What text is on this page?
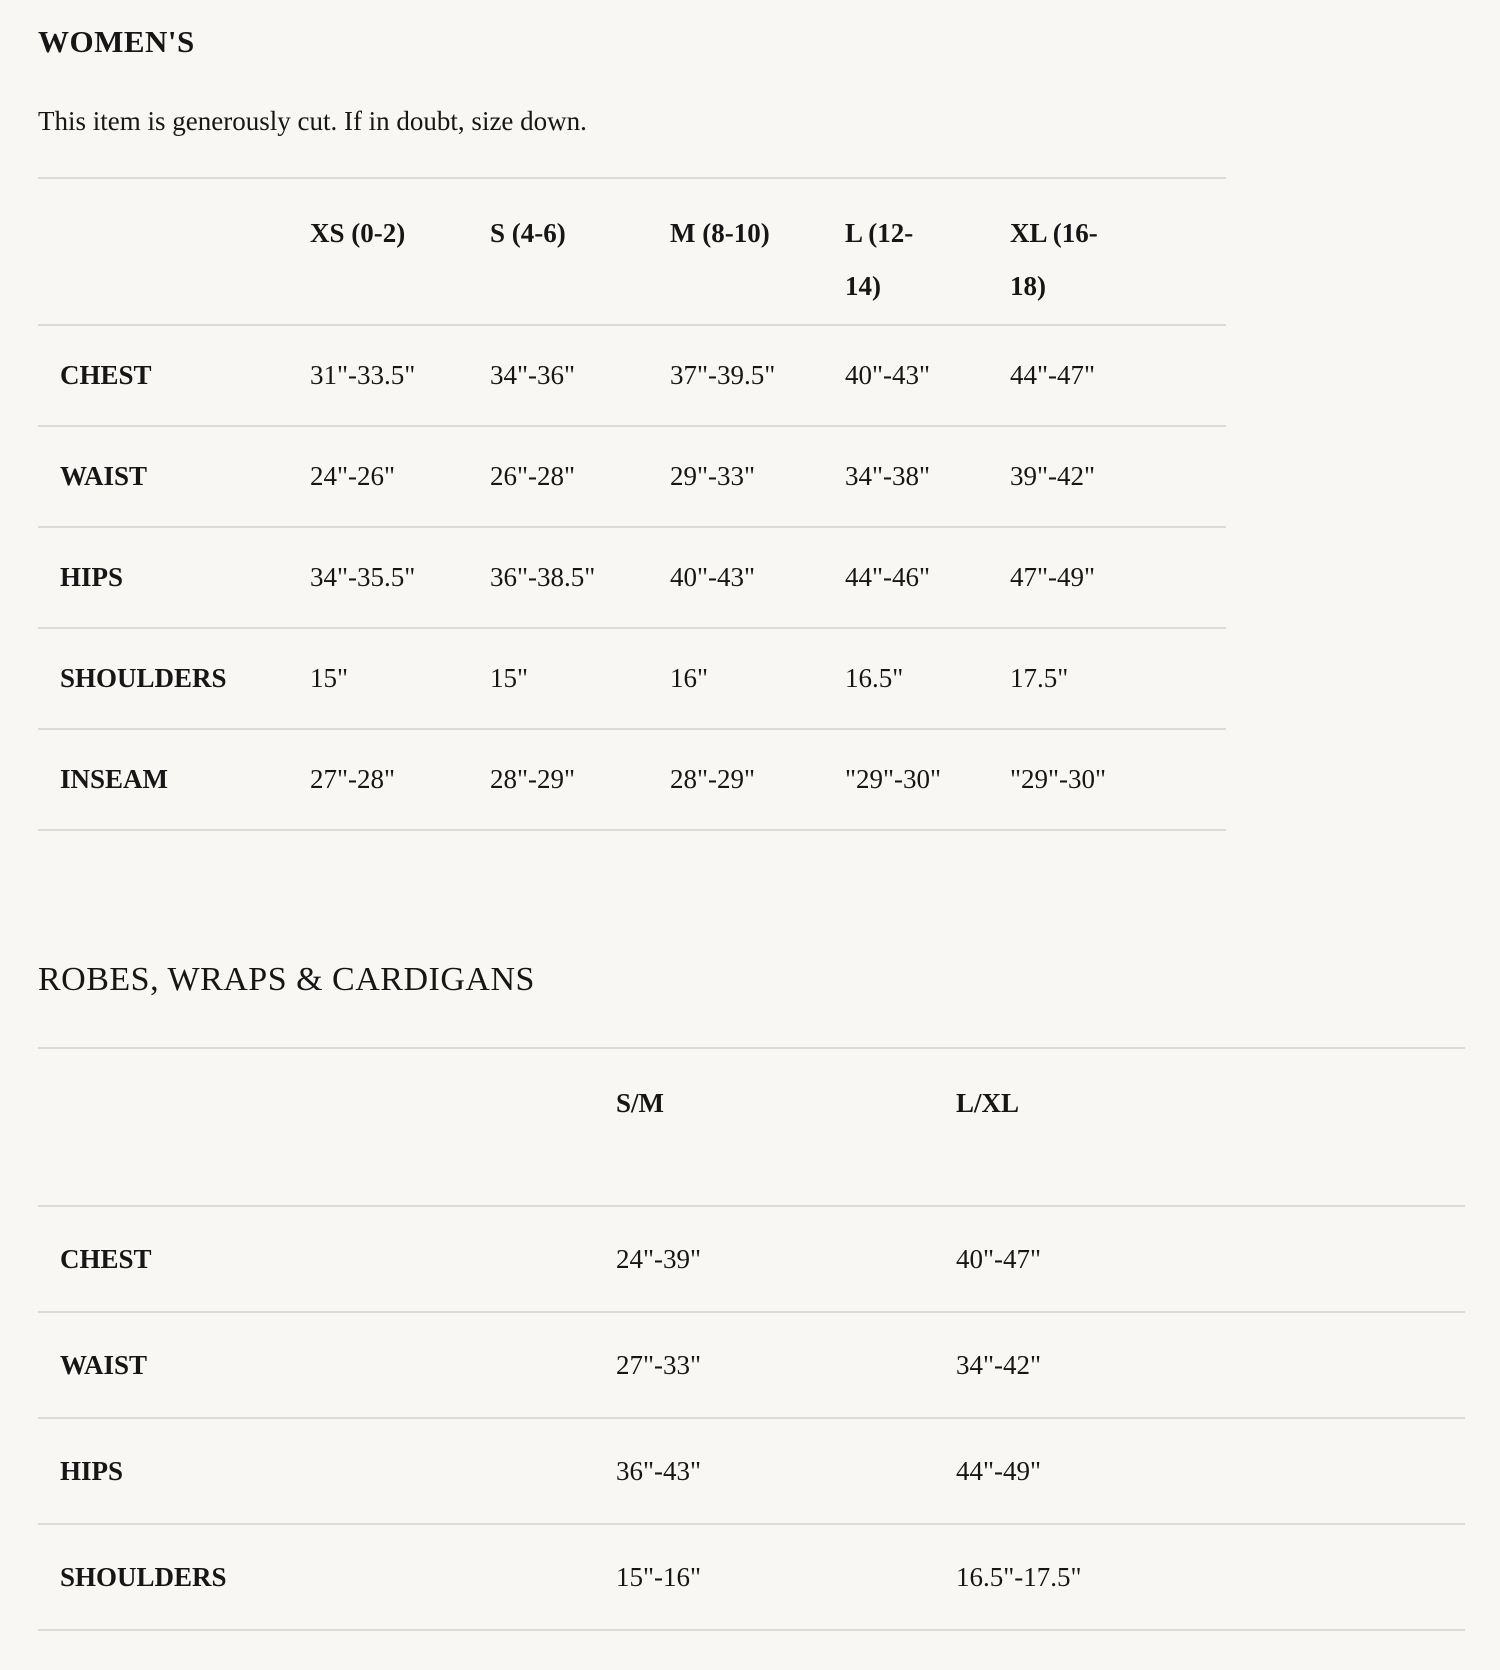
WOMEN'S

This item is generously cut. If in doubt, size down.

	XS (0-2)	S (4-6)	M (8-10)	L (12-14)	XL (16-18)
CHEST	31"-33.5"	34"-36"	37"-39.5"	40"-43"	44"-47"
WAIST	24"-26"	26"-28"	29"-33"	34"-38"	39"-42"
HIPS	34"-35.5"	36"-38.5"	40"-43"	44"-46"	47"-49"
SHOULDERS	15"	15"	16"	16.5"	17.5"
INSEAM	27"-28"	28"-29"	28"-29"	"29"-30"	"29"-30"
ROBES, WRAPS & CARDIGANS
	S/M	L/XL
CHEST	24"-39"	40"-47"
WAIST	27"-33"	34"-42"
HIPS	36"-43"	44"-49"
SHOULDERS	15"-16"	16.5"-17.5"
